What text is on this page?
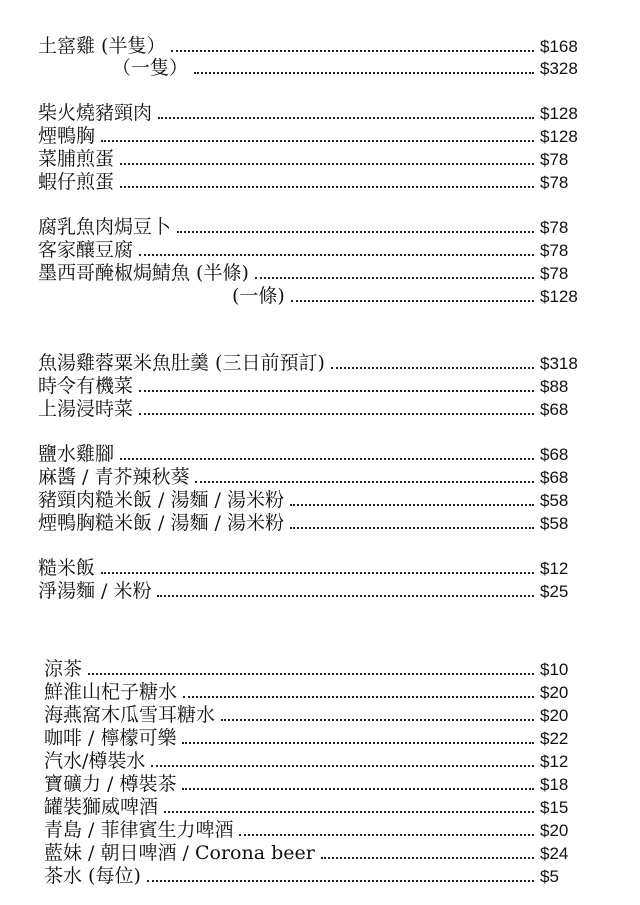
土窰雞 (半隻）	$168
（一隻）	$328
柴火燒豬頸肉	$128
煙鴨胸	$128
菜脯煎蛋	$78
蝦仔煎蛋	$78
腐乳魚肉焗豆卜	$78
客家釀豆腐	$78
墨西哥醃椒焗鯖魚 (半條)	$78
(一條)	$128
魚湯雞蓉粟米魚肚羹 (三日前預訂)	$318
時令有機菜	$88
上湯浸時菜	$68
鹽水雞腳	$68
麻醬 / 青芥辣秋葵	$68
豬頸肉糙米飯 / 湯麵 / 湯米粉	$58
煙鴨胸糙米飯 / 湯麵 / 湯米粉	$58
糙米飯	$12
淨湯麵 / 米粉	$25
涼茶	$10
鮮淮山杞子糖水	$20
海燕窩木瓜雪耳糖水	$20
咖啡 / 檸檬可樂	$22
汽水/樽裝水	$12
寶礦力 / 樽裝茶	$18
罐裝獅威啤酒	$15
青島 / 菲律賓生力啤酒	$20
藍妹 / 朝日啤酒 / Corona beer	$24
茶水 (每位)	$5
